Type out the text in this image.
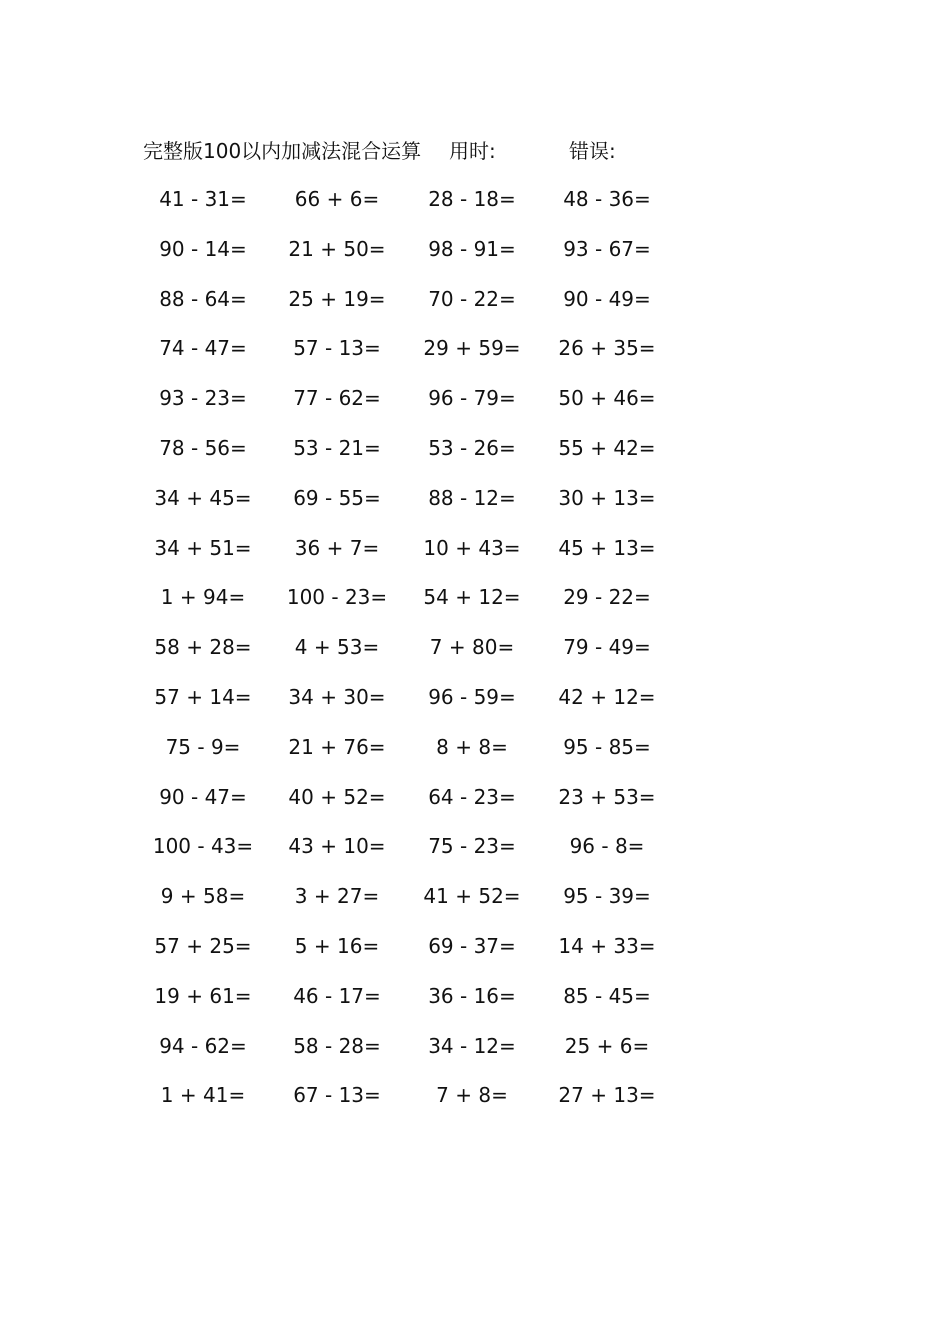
完整版100以内加减法混合运算 用时:	错误:
41 - 31=	66 + 6=	28 - 18=	48 - 36=
90 - 14=	21 + 50=	98 - 91=	93 - 67=
88 - 64=	25 + 19=	70 - 22=	90 - 49=
74 - 47=	57 - 13=	29 + 59=	26 + 35=
93 - 23=	77 - 62=	96 - 79=	50 + 46=
78 - 56=	53 - 21=	53 - 26=	55 + 42=
34 + 45=	69 - 55=	88 - 12=	30 + 13=
34 + 51=	36 + 7=	10 + 43=	45 + 13=
1 + 94=	100 - 23=	54 + 12=	29 - 22=
58 + 28=	4 + 53=	7 + 80=	79 - 49=
57 + 14=	34 + 30=	96 - 59=	42 + 12=
75 - 9=	21 + 76=	8 + 8=	95 - 85=
90 - 47=	40 + 52=	64 - 23=	23 + 53=
100 - 43=	43 + 10=	75 - 23=	96 - 8=
9 + 58=	3 + 27=	41 + 52=	95 - 39=
57 + 25=	5 + 16=	69 - 37=	14 + 33=
19 + 61=	46 - 17=	36 - 16=	85 - 45=
94 - 62=	58 - 28=	34 - 12=	25 + 6=
1 + 41=	67 - 13=	7 + 8=	27 + 13=
